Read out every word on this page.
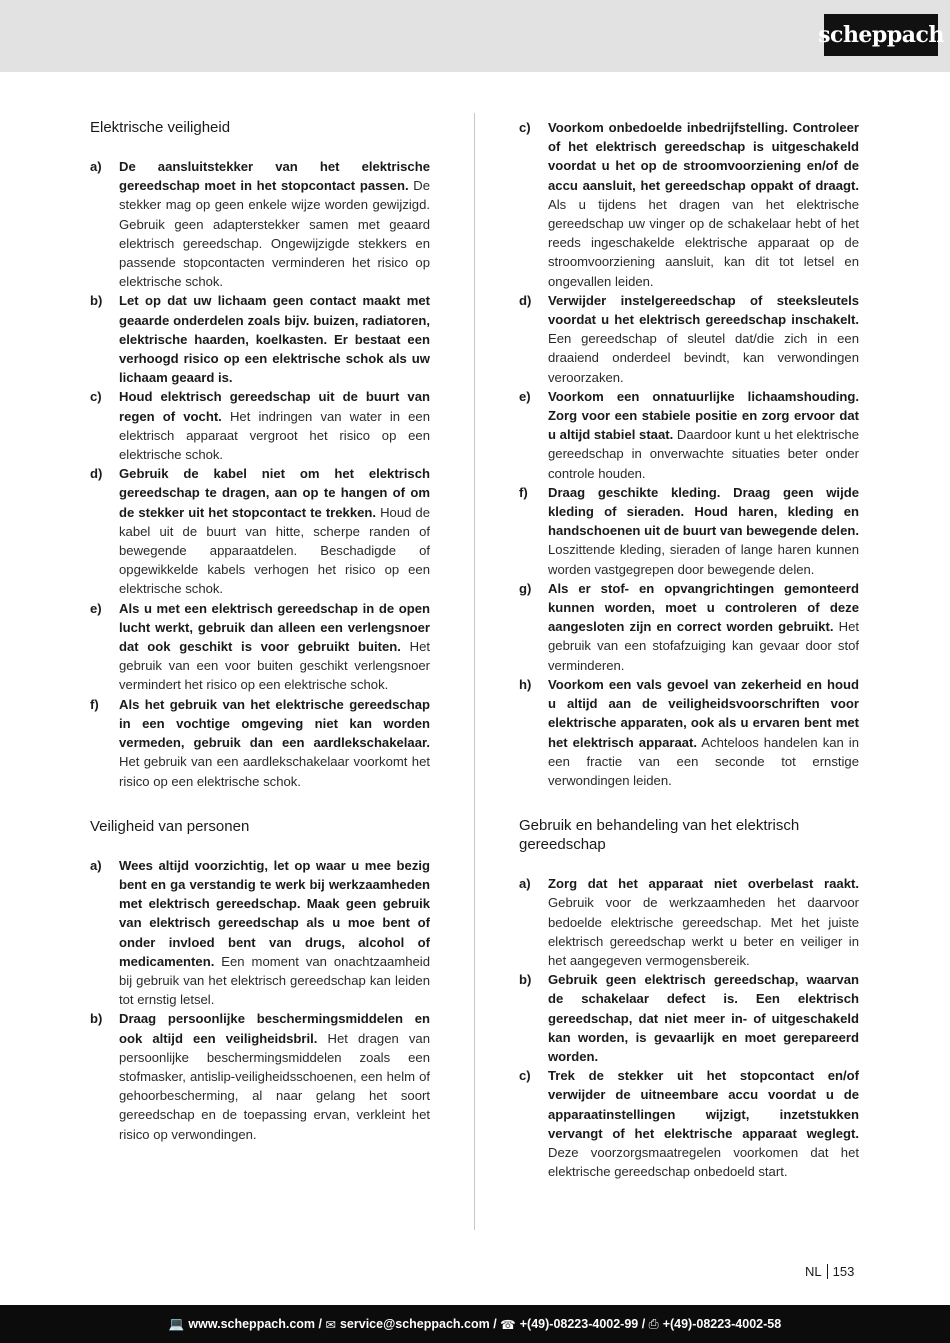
scheppach
Elektrische veiligheid
a)	De aansluitstekker van het elektrische gereedschap moet in het stopcontact passen. De stekker mag op geen enkele wijze worden gewijzigd. Gebruik geen adapterstekker samen met geaard elektrisch gereedschap. Ongewijzigde stekkers en passende stopcontacten verminderen het risico op elektrische schok.
b)	Let op dat uw lichaam geen contact maakt met geaarde onderdelen zoals bijv. buizen, radiatoren, elektrische haarden, koelkasten. Er bestaat een verhoogd risico op een elektrische schok als uw lichaam geaard is.
c)	Houd elektrisch gereedschap uit de buurt van regen of vocht. Het indringen van water in een elektrisch apparaat vergroot het risico op een elektrische schok.
d)	Gebruik de kabel niet om het elektrisch gereedschap te dragen, aan op te hangen of om de stekker uit het stopcontact te trekken. Houd de kabel uit de buurt van hitte, scherpe randen of bewegende apparaatdelen. Beschadigde of opgewikkelde kabels verhogen het risico op een elektrische schok.
e)	Als u met een elektrisch gereedschap in de open lucht werkt, gebruik dan alleen een verlengsnoer dat ook geschikt is voor gebruikt buiten. Het gebruik van een voor buiten geschikt verlengsnoer vermindert het risico op een elektrische schok.
f)	Als het gebruik van het elektrische gereedschap in een vochtige omgeving niet kan worden vermeden, gebruik dan een aardlekschakelaar. Het gebruik van een aardlekschakelaar voorkomt het risico op een elektrische schok.
Veiligheid van personen
a)	Wees altijd voorzichtig, let op waar u mee bezig bent en ga verstandig te werk bij werkzaamheden met elektrisch gereedschap. Maak geen gebruik van elektrisch gereedschap als u moe bent of onder invloed bent van drugs, alcohol of medicamenten. Een moment van onachtzaamheid bij gebruik van het elektrisch gereedschap kan leiden tot ernstig letsel.
b)	Draag persoonlijke beschermingsmiddelen en ook altijd een veiligheidsbril. Het dragen van persoonlijke beschermingsmiddelen zoals een stofmasker, antislip-veiligheidsschoenen, een helm of gehoorbescherming, al naar gelang het soort gereedschap en de toepassing ervan, verkleint het risico op verwondingen.
c)	Voorkom onbedoelde inbedrijfstelling. Controleer of het elektrisch gereedschap is uitgeschakeld voordat u het op de stroomvoorziening en/of de accu aansluit, het gereedschap oppakt of draagt. Als u tijdens het dragen van het elektrische gereedschap uw vinger op de schakelaar hebt of het reeds ingeschakelde elektrische apparaat op de stroomvoorziening aansluit, kan dit tot letsel en ongevallen leiden.
d)	Verwijder instelgereedschap of steeksleutels voordat u het elektrisch gereedschap inschakelt. Een gereedschap of sleutel dat/die zich in een draaiend onderdeel bevindt, kan verwondingen veroorzaken.
e)	Voorkom een onnatuurlijke lichaamshouding. Zorg voor een stabiele positie en zorg ervoor dat u altijd stabiel staat. Daardoor kunt u het elektrische gereedschap in onverwachte situaties beter onder controle houden.
f)	Draag geschikte kleding. Draag geen wijde kleding of sieraden. Houd haren, kleding en handschoenen uit de buurt van bewegende delen. Loszittende kleding, sieraden of lange haren kunnen worden vastgegrepen door bewegende delen.
g)	Als er stof- en opvangrichtingen gemonteerd kunnen worden, moet u controleren of deze aangesloten zijn en correct worden gebruikt. Het gebruik van een stofafzuiging kan gevaar door stof verminderen.
h)	Voorkom een vals gevoel van zekerheid en houd u altijd aan de veiligheidsvoorschriften voor elektrische apparaten, ook als u ervaren bent met het elektrisch apparaat. Achteloos handelen kan in een fractie van een seconde tot ernstige verwondingen leiden.
Gebruik en behandeling van het elektrisch gereedschap
a)	Zorg dat het apparaat niet overbelast raakt. Gebruik voor de werkzaamheden het daarvoor bedoelde elektrische gereedschap. Met het juiste elektrisch gereedschap werkt u beter en veiliger in het aangegeven vermogensbereik.
b)	Gebruik geen elektrisch gereedschap, waarvan de schakelaar defect is. Een elektrisch gereedschap, dat niet meer in- of uitgeschakeld kan worden, is gevaarlijk en moet gerepareerd worden.
c)	Trek de stekker uit het stopcontact en/of verwijder de uitneembare accu voordat u de apparaatinstellingen wijzigt, inzetstukken vervangt of het elektrische apparaat weglegt. Deze voorzorgsmaatregelen voorkomen dat het elektrische gereedschap onbedoeld start.
NL 153
💻 www.scheppach.com /
✉ service@scheppach.com /
☎ +(49)-08223-4002-99 /
⎙ +(49)-08223-4002-58
